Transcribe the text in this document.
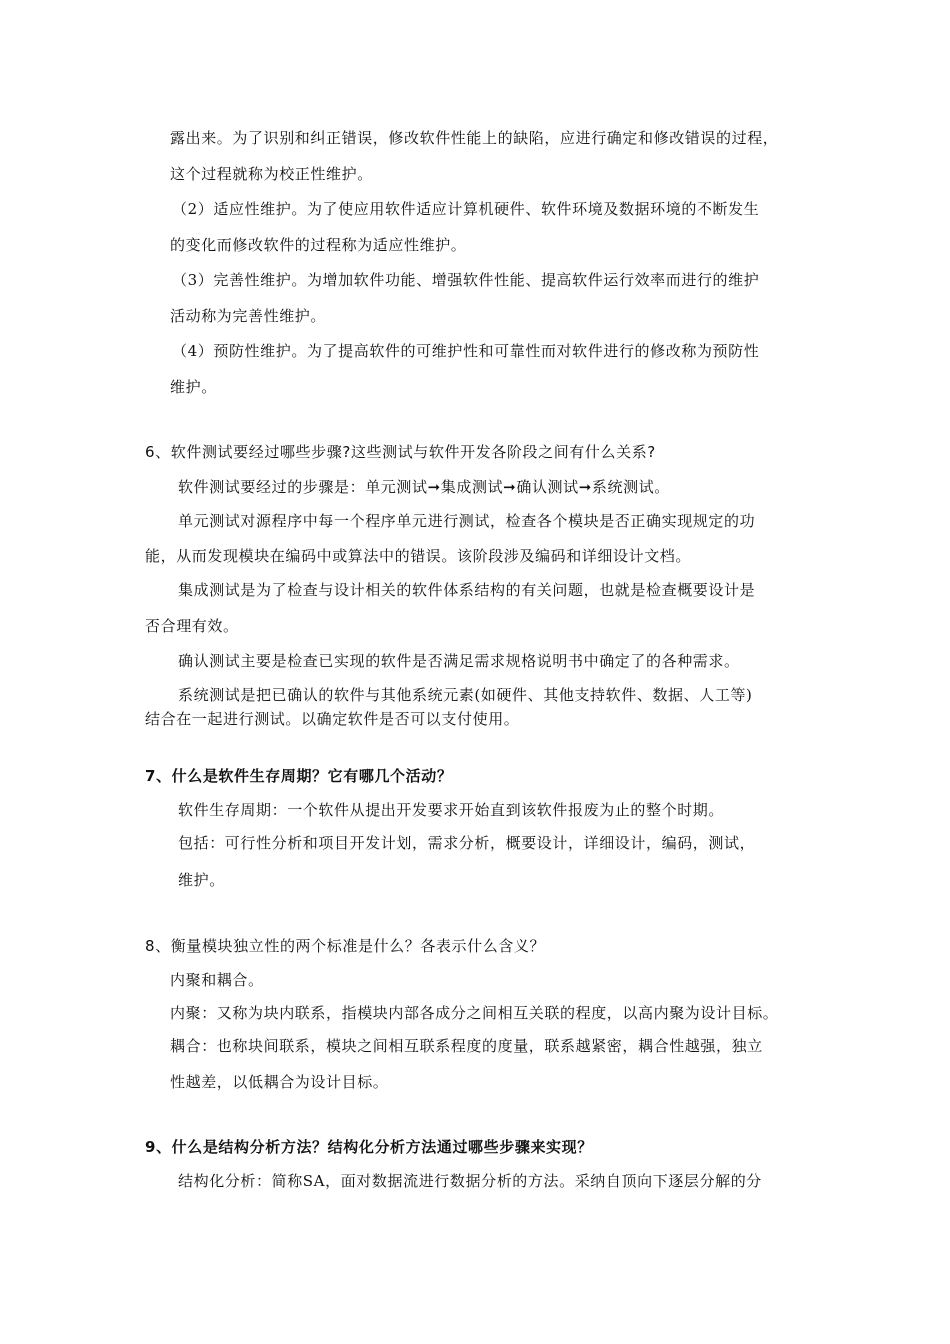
露出来。为了识别和纠正错误，修改软件性能上的缺陷，应进行确定和修改错误的过程，
这个过程就称为校正性维护。
（2）适应性维护。为了使应用软件适应计算机硬件、软件环境及数据环境的不断发生
的变化而修改软件的过程称为适应性维护。
（3）完善性维护。为增加软件功能、增强软件性能、提高软件运行效率而进行的维护
活动称为完善性维护。
（4）预防性维护。为了提高软件的可维护性和可靠性而对软件进行的修改称为预防性
维护。
6、软件测试要经过哪些步骤?这些测试与软件开发各阶段之间有什么关系?
软件测试要经过的步骤是：单元测试➞集成测试➞确认测试➞系统测试。
单元测试对源程序中每一个程序单元进行测试，检查各个模块是否正确实现规定的功
能，从而发现模块在编码中或算法中的错误。该阶段涉及编码和详细设计文档。
集成测试是为了检查与设计相关的软件体系结构的有关问题，也就是检查概要设计是
否合理有效。
确认测试主要是检查已实现的软件是否满足需求规格说明书中确定了的各种需求。
系统测试是把已确认的软件与其他系统元素(如硬件、其他支持软件、数据、人工等)
结合在一起进行测试。以确定软件是否可以支付使用。
7、什么是软件生存周期？它有哪几个活动？
软件生存周期：一个软件从提出开发要求开始直到该软件报废为止的整个时期。
包括：可行性分析和项目开发计划，需求分析，概要设计，详细设计，编码，测试，
维护。
8、衡量模块独立性的两个标准是什么？各表示什么含义？
内聚和耦合。
内聚：又称为块内联系，指模块内部各成分之间相互关联的程度，以高内聚为设计目标。
耦合：也称块间联系，模块之间相互联系程度的度量，联系越紧密，耦合性越强，独立
性越差，以低耦合为设计目标。
9、什么是结构分析方法？结构化分析方法通过哪些步骤来实现？
结构化分析：简称SA，面对数据流进行数据分析的方法。采纳自顶向下逐层分解的分
